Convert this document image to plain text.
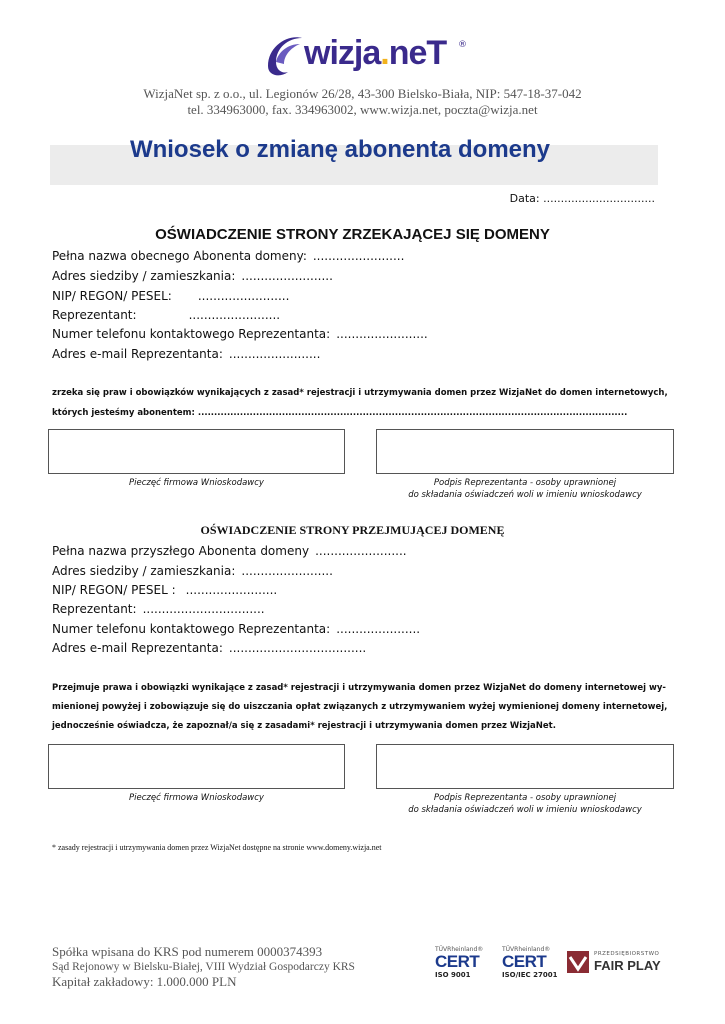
wizja.neT ®
WizjaNet sp. z o.o., ul. Legionów 26/28, 43-300 Bielsko-Biała, NIP: 547-18-37-042
tel. 334963000, fax. 334963002, www.wizja.net, poczta@wizja.net
Wniosek o zmianę abonenta domeny
Data: ................................
OŚWIADCZENIE STRONY ZRZEKAJĄCEJ SIĘ DOMENY
Pełna nazwa obecnego Abonenta domeny: ........................
Adres siedziby / zamieszkania: ........................
NIP/ REGON/ PESEL: ........................
Reprezentant:	........................
Numer telefonu kontaktowego Reprezentanta: ........................
Adres e-mail Reprezentanta: ........................
zrzeka się praw i obowiązków wynikających z zasad* rejestracji i utrzymywania domen przez WizjaNet do domen internetowych,
których jesteśmy abonentem: .....................................................................................................................................
Pieczęć firmowa Wnioskodawcy	Podpis Reprezentanta - osoby uprawnionej
do składania oświadczeń woli w imieniu wnioskodawcy
OŚWIADCZENIE STRONY PRZEJMUJĄCEJ DOMENĘ
Pełna nazwa przyszłego Abonenta domeny ........................
Adres siedziby / zamieszkania: ........................
NIP/ REGON/ PESEL : ........................
Reprezentant: ................................
Numer telefonu kontaktowego Reprezentanta: ......................
Adres e-mail Reprezentanta: ....................................
Przejmuje prawa i obowiązki wynikające z zasad* rejestracji i utrzymywania domen przez WizjaNet do domeny internetowej wy-
mienionej powyżej i zobowiązuje się do uiszczania opłat związanych z utrzymywaniem wyżej wymienionej domeny internetowej,
jednocześnie oświadcza, że zapoznał/a się z zasadami* rejestracji i utrzymywania domen przez WizjaNet.
Pieczęć firmowa Wnioskodawcy	Podpis Reprezentanta - osoby uprawnionej
do składania oświadczeń woli w imieniu wnioskodawcy
* zasady rejestracji i utrzymywania domen przez WizjaNet dostępne na stronie www.domeny.wizja.net
Spółka wpisana do KRS pod numerem 0000374393
Sąd Rejonowy w Bielsku-Białej, VIII Wydział Gospodarczy KRS
Kapitał zakładowy: 1.000.000 PLN
TÜVRheinland®
CERT
ISO 9001
TÜVRheinland®
CERT
ISO/IEC 27001
PRZEDSIĘBIORSTWO
FAIR PLAY
